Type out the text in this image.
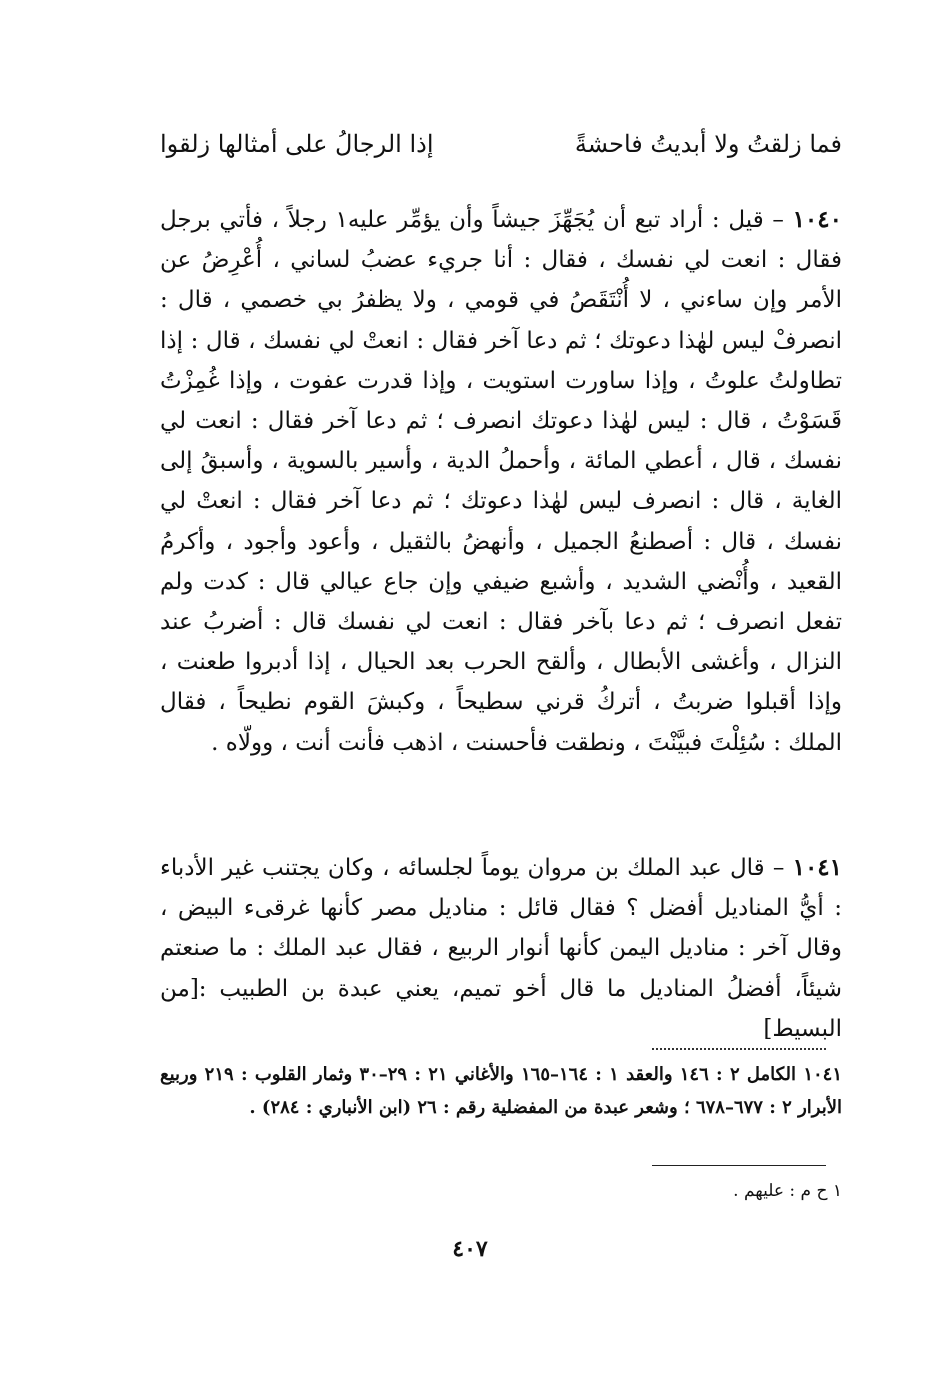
فما زلقتُ ولا أبديتُ فاحشةً
إذا الرجالُ على أمثالها زلقوا
١٠٤٠ – قيل : أراد تبع أن يُجَهِّزَ جيشاً وأن يؤمِّر عليه١ رجلاً ، فأتي برجل فقال : انعت لي نفسك ، فقال : أنا جريء عضبُ لساني ، أُعْرِضُ عن الأمر وإن ساءني ، لا أُنْتَقَصُ في قومي ، ولا يظفرُ بي خصمي ، قال : انصرفْ ليس لهٰذا دعوتك ؛ ثم دعا آخر فقال : انعتْ لي نفسك ، قال : إذا تطاولتُ علوتُ ، وإذا ساورت استويت ، وإذا قدرت عفوت ، وإذا غُمِزْتُ قَسَوْتُ ، قال : ليس لهٰذا دعوتك انصرف ؛ ثم دعا آخر فقال : انعت لي نفسك ، قال ، أعطي المائة ، وأحملُ الدية ، وأسير بالسوية ، وأسبقُ إلى الغاية ، قال : انصرف ليس لهٰذا دعوتك ؛ ثم دعا آخر فقال : انعتْ لي نفسك ، قال : أصطنعُ الجميل ، وأنهضُ بالثقيل ، وأعود وأجود ، وأكرمُ القعيد ، وأُنْضي الشديد ، وأشبع ضيفي وإن جاع عيالي قال : كدت ولم تفعل انصرف ؛ ثم دعا بآخر فقال : انعت لي نفسك قال : أضربُ عند النزال ، وأغشى الأبطال ، وألقح الحرب بعد الحيال ، إذا أدبروا طعنت ، وإذا أقبلوا ضربتُ ، أتركُ قرني سطيحاً ، وكبشَ القوم نطيحاً ، فقال الملك : سُئِلْتَ فبيَّنْتَ ، ونطقت فأحسنت ، اذهب فأنت أنت ، وولّاه .
١٠٤١ – قال عبد الملك بن مروان يوماً لجلسائه ، وكان يجتنب غير الأدباء : أيُّ المناديل أفضل ؟ فقال قائل : مناديل مصر كأنها غرقىء البيض ، وقال آخر : مناديل اليمن كأنها أنوار الربيع ، فقال عبد الملك : ما صنعتم شيئاً، أفضلُ المناديل ما قال أخو تميم، يعني عبدة بن الطبيب :[من البسيط]
١٠٤١ الكامل ٢ : ١٤٦ والعقد ١ : ١٦٤–١٦٥ والأغاني ٢١ : ٢٩–٣٠ وثمار القلوب : ٢١٩ وربيع الأبرار ٢ : ٦٧٧–٦٧٨ ؛ وشعر عبدة من المفضلية رقم : ٢٦ (ابن الأنباري : ٢٨٤) .
١ ح م : عليهم .
٤٠٧
